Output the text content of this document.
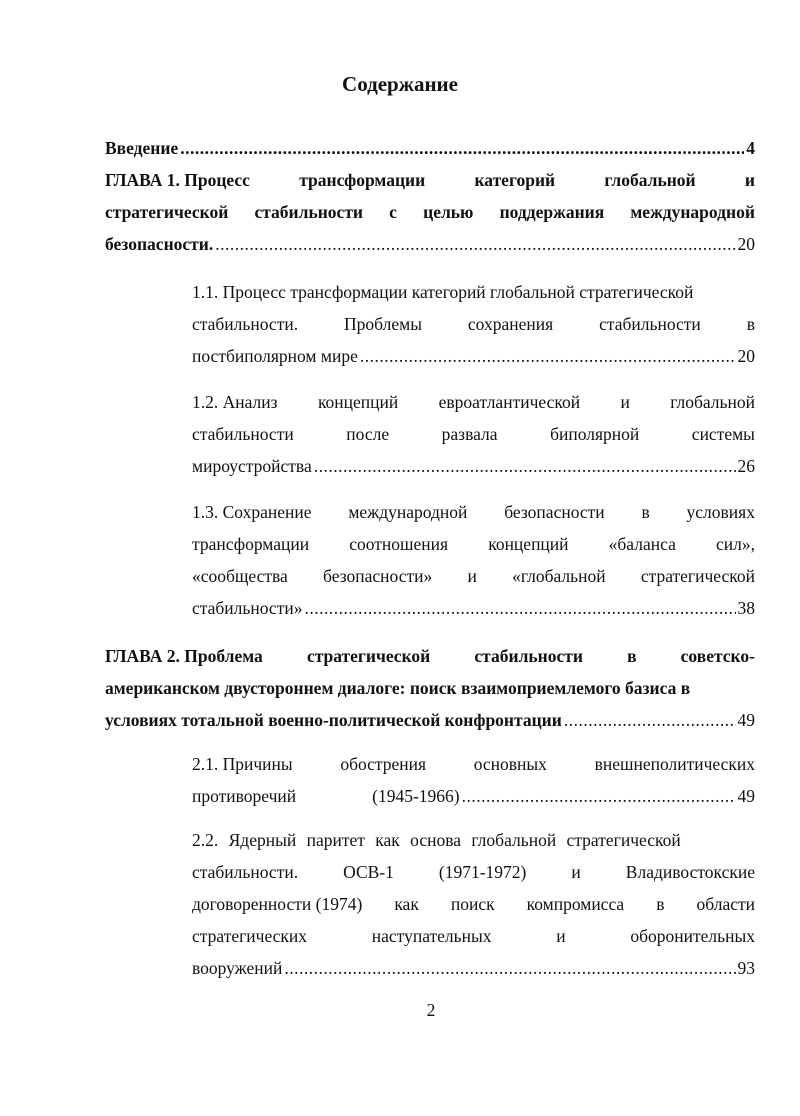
Содержание
Введение .....	4
ГЛАВА 1. Процесс	трансформации	категорий	глобальной	и
стратегической стабильности с целью поддержания международной
безопасности. .....	20
1.1. Процесс трансформации категорий глобальной стратегической
стабильности.	Проблемы	сохранения	стабильности	в
постбиполярном мире .....	20
1.2. Анализ концепций евроатлантической и глобальной
стабильности	после	развала	биполярной	системы
мироустройства .....	26
1.3. Сохранение международной безопасности в условиях
трансформации соотношения концепций «баланса сил»,
«сообщества безопасности» и «глобальной стратегической
стабильности» .....	38
ГЛАВА 2. Проблема	стратегической	стабильности	в	советско-
американском двустороннем диалоге: поиск взаимоприемлемого базиса в
условиях тотальной военно-политической конфронтации .....	49
2.1. Причины	обострения	основных	внешнеполитических
противоречий	(1945-1966) .....	49
2.2. Ядерный паритет как основа глобальной стратегической
стабильности.	ОСВ-1	(1971-1972)	и	Владивостокские
договоренности (1974) как поиск компромисса в области
стратегических	наступательных	и	оборонительных
вооружений .....	93
2
